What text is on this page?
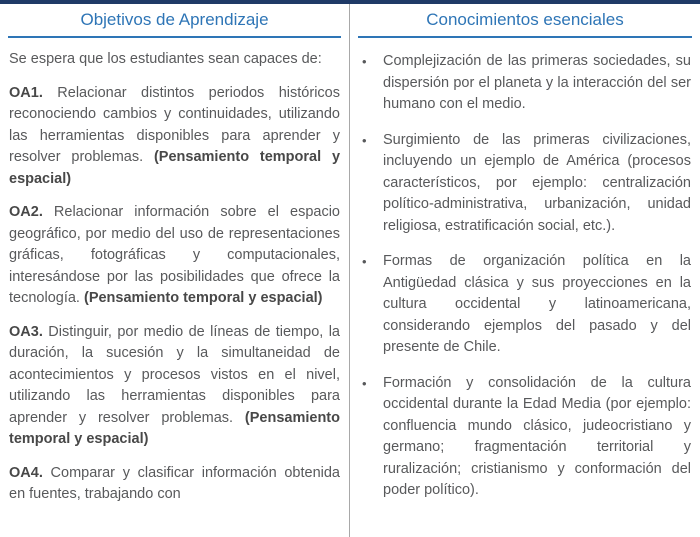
Objetivos de Aprendizaje

Se espera que los estudiantes sean capaces de:

OA1. Relacionar distintos periodos históricos reconociendo cambios y continuidades, utilizando las herramientas disponibles para aprender y resolver problemas. (Pensamiento temporal y espacial)

OA2. Relacionar información sobre el espacio geográfico, por medio del uso de representaciones gráficas, fotográficas y computacionales, interesándose por las posibilidades que ofrece la tecnología. (Pensamiento temporal y espacial)

OA3. Distinguir, por medio de líneas de tiempo, la duración, la sucesión y la simultaneidad de acontecimientos y procesos vistos en el nivel, utilizando las herramientas disponibles para aprender y resolver problemas. (Pensamiento temporal y espacial)

OA4. Comparar y clasificar información obtenida en fuentes, trabajando con

Conocimientos esenciales
•	Complejización de las primeras sociedades, su dispersión por el planeta y la interacción del ser humano con el medio.
•	Surgimiento de las primeras civilizaciones, incluyendo un ejemplo de América (procesos característicos, por ejemplo: centralización político-administrativa, urbanización, unidad religiosa, estratificación social, etc.).
•	Formas de organización política en la Antigüedad clásica y sus proyecciones en la cultura occidental y latinoamericana, considerando ejemplos del pasado y del presente de Chile.
•	Formación y consolidación de la cultura occidental durante la Edad Media (por ejemplo: confluencia mundo clásico, judeocristiano y germano; fragmentación territorial y ruralización; cristianismo y conformación del poder político).
